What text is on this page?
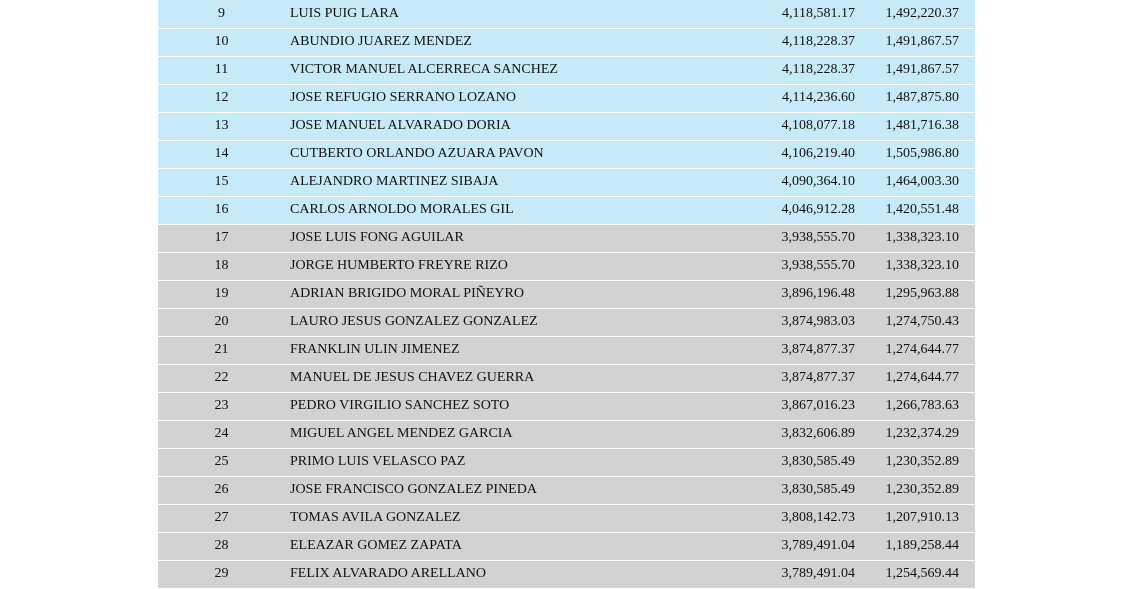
9	LUIS PUIG LARA	4,118,581.17	1,492,220.37
10	ABUNDIO JUAREZ MENDEZ	4,118,228.37	1,491,867.57
11	VICTOR MANUEL ALCERRECA SANCHEZ	4,118,228.37	1,491,867.57
12	JOSE REFUGIO SERRANO LOZANO	4,114,236.60	1,487,875.80
13	JOSE MANUEL ALVARADO DORIA	4,108,077.18	1,481,716.38
14	CUTBERTO ORLANDO AZUARA PAVON	4,106,219.40	1,505,986.80
15	ALEJANDRO MARTINEZ SIBAJA	4,090,364.10	1,464,003.30
16	CARLOS ARNOLDO MORALES GIL	4,046,912.28	1,420,551.48
17	JOSE LUIS FONG AGUILAR	3,938,555.70	1,338,323.10
18	JORGE HUMBERTO FREYRE RIZO	3,938,555.70	1,338,323.10
19	ADRIAN BRIGIDO MORAL PIÑEYRO	3,896,196.48	1,295,963.88
20	LAURO JESUS GONZALEZ GONZALEZ	3,874,983.03	1,274,750.43
21	FRANKLIN ULIN JIMENEZ	3,874,877.37	1,274,644.77
22	MANUEL DE JESUS CHAVEZ GUERRA	3,874,877.37	1,274,644.77
23	PEDRO VIRGILIO SANCHEZ SOTO	3,867,016.23	1,266,783.63
24	MIGUEL ANGEL MENDEZ GARCIA	3,832,606.89	1,232,374.29
25	PRIMO LUIS VELASCO PAZ	3,830,585.49	1,230,352.89
26	JOSE FRANCISCO GONZALEZ PINEDA	3,830,585.49	1,230,352.89
27	TOMAS AVILA GONZALEZ	3,808,142.73	1,207,910.13
28	ELEAZAR GOMEZ ZAPATA	3,789,491.04	1,189,258.44
29	FELIX ALVARADO ARELLANO	3,789,491.04	1,254,569.44
